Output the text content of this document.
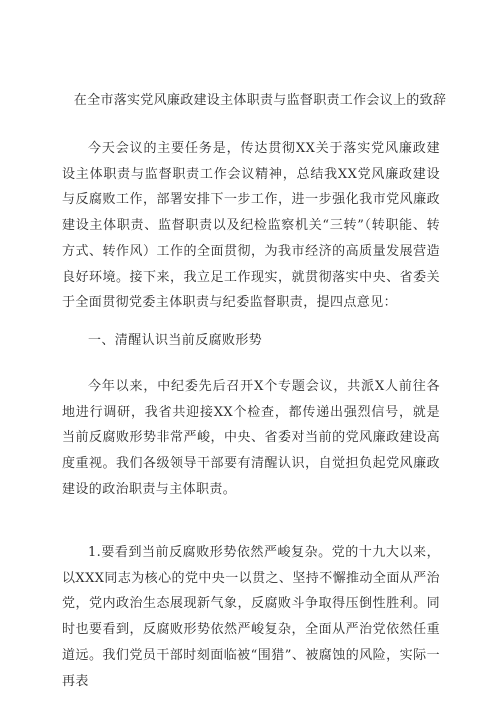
在全市落实党风廉政建设主体职责与监督职责工作会议上的致辞

今天会议的主要任务是，传达贯彻XX关于落实党风廉政建设主体职责与监督职责工作会议精神，总结我XX党风廉政建设与反腐败工作，部署安排下一步工作，进一步强化我市党风廉政建设主体职责、监督职责以及纪检监察机关“三转”（转职能、转方式、转作风）工作的全面贯彻，为我市经济的高质量发展营造良好环境。接下来，我立足工作现实，就贯彻落实中央、省委关于全面贯彻党委主体职责与纪委监督职责，提四点意见：

一、清醒认识当前反腐败形势

今年以来，中纪委先后召开X个专题会议，共派X人前往各地进行调研，我省共迎接XX个检查，都传递出强烈信号，就是当前反腐败形势非常严峻，中央、省委对当前的党风廉政建设高度重视。我们各级领导干部要有清醒认识，自觉担负起党风廉政建设的政治职责与主体职责。

1.要看到当前反腐败形势依然严峻复杂。党的十九大以来，以XXX同志为核心的党中央一以贯之、坚持不懈推动全面从严治党，党内政治生态展现新气象，反腐败斗争取得压倒性胜利。同时也要看到，反腐败形势依然严峻复杂，全面从严治党依然任重道远。我们党员干部时刻面临被“围猎”、被腐蚀的风险，实际一再表
